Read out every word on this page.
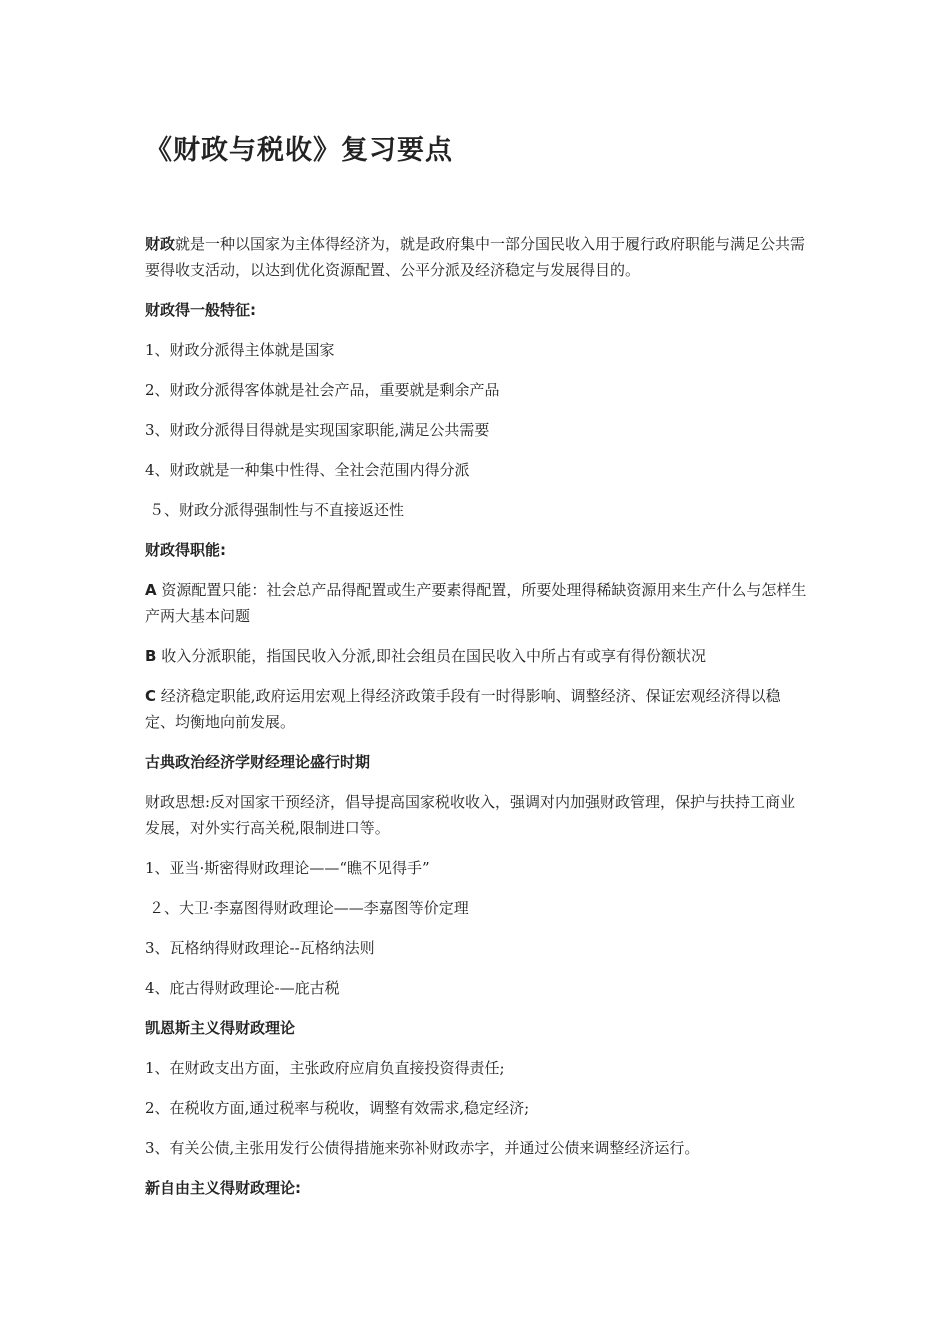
《财政与税收》复习要点

财政就是一种以国家为主体得经济为，就是政府集中一部分国民收入用于履行政府职能与满足公共需要得收支活动，以达到优化资源配置、公平分派及经济稳定与发展得目的。

财政得一般特征:

1、财政分派得主体就是国家

2、财政分派得客体就是社会产品，重要就是剩余产品

3、财政分派得目得就是实现国家职能,满足公共需要

4、财政就是一种集中性得、全社会范围内得分派

５、财政分派得强制性与不直接返还性

财政得职能:

A 资源配置只能：社会总产品得配置或生产要素得配置，所要处理得稀缺资源用来生产什么与怎样生产两大基本问题

B 收入分派职能，指国民收入分派,即社会组员在国民收入中所占有或享有得份额状况

C 经济稳定职能,政府运用宏观上得经济政策手段有一时得影响、调整经济、保证宏观经济得以稳定、均衡地向前发展。

古典政治经济学财经理论盛行时期

财政思想:反对国家干预经济，倡导提高国家税收收入，强调对内加强财政管理，保护与扶持工商业发展，对外实行高关税,限制进口等。

1、亚当·斯密得财政理论——“瞧不见得手”

２、大卫·李嘉图得财政理论——李嘉图等价定理

3、瓦格纳得财政理论--瓦格纳法则

4、庇古得财政理论-—庇古税

凯恩斯主义得财政理论

1、在财政支出方面，主张政府应肩负直接投资得责任;

2、在税收方面,通过税率与税收，调整有效需求,稳定经济;

3、有关公债,主张用发行公债得措施来弥补财政赤字，并通过公债来调整经济运行。

新自由主义得财政理论:
